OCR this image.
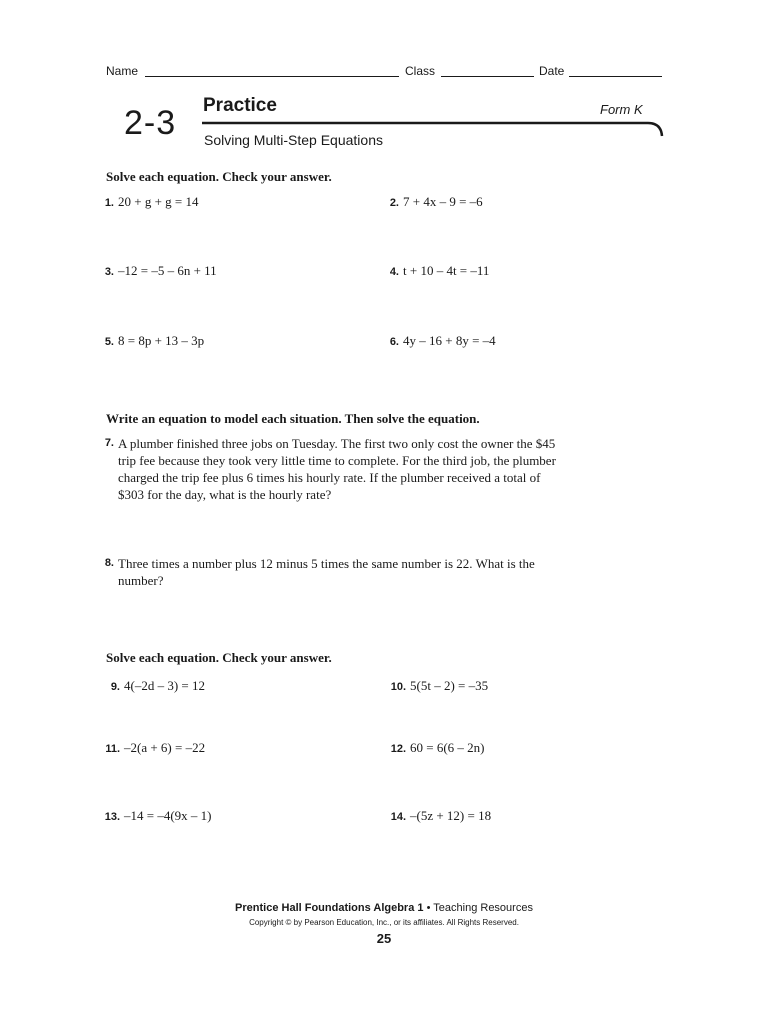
Name	Class	Date
2-3 Practice	Form K
Solving Multi-Step Equations
Solve each equation. Check your answer.
1. 20 + g + g = 14	2. 7 + 4x – 9 = –6
3. –12 = –5 – 6n + 11	4. t + 10 – 4t = –11
5. 8 = 8p + 13 – 3p	6. 4y – 16 + 8y = –4
Write an equation to model each situation. Then solve the equation.
7. A plumber finished three jobs on Tuesday. The first two only cost the owner the $45 trip fee because they took very little time to complete. For the third job, the plumber charged the trip fee plus 6 times his hourly rate. If the plumber received a total of $303 for the day, what is the hourly rate?
8. Three times a number plus 12 minus 5 times the same number is 22. What is the number?
Solve each equation. Check your answer.
9. 4(–2d – 3) = 12	10. 5(5t – 2) = –35
11. –2(a + 6) = –22	12. 60 = 6(6 – 2n)
13. –14 = –4(9x – 1)	14. –(5z + 12) = 18
Prentice Hall Foundations Algebra 1 • Teaching Resources
Copyright © by Pearson Education, Inc., or its affiliates. All Rights Reserved.
25
